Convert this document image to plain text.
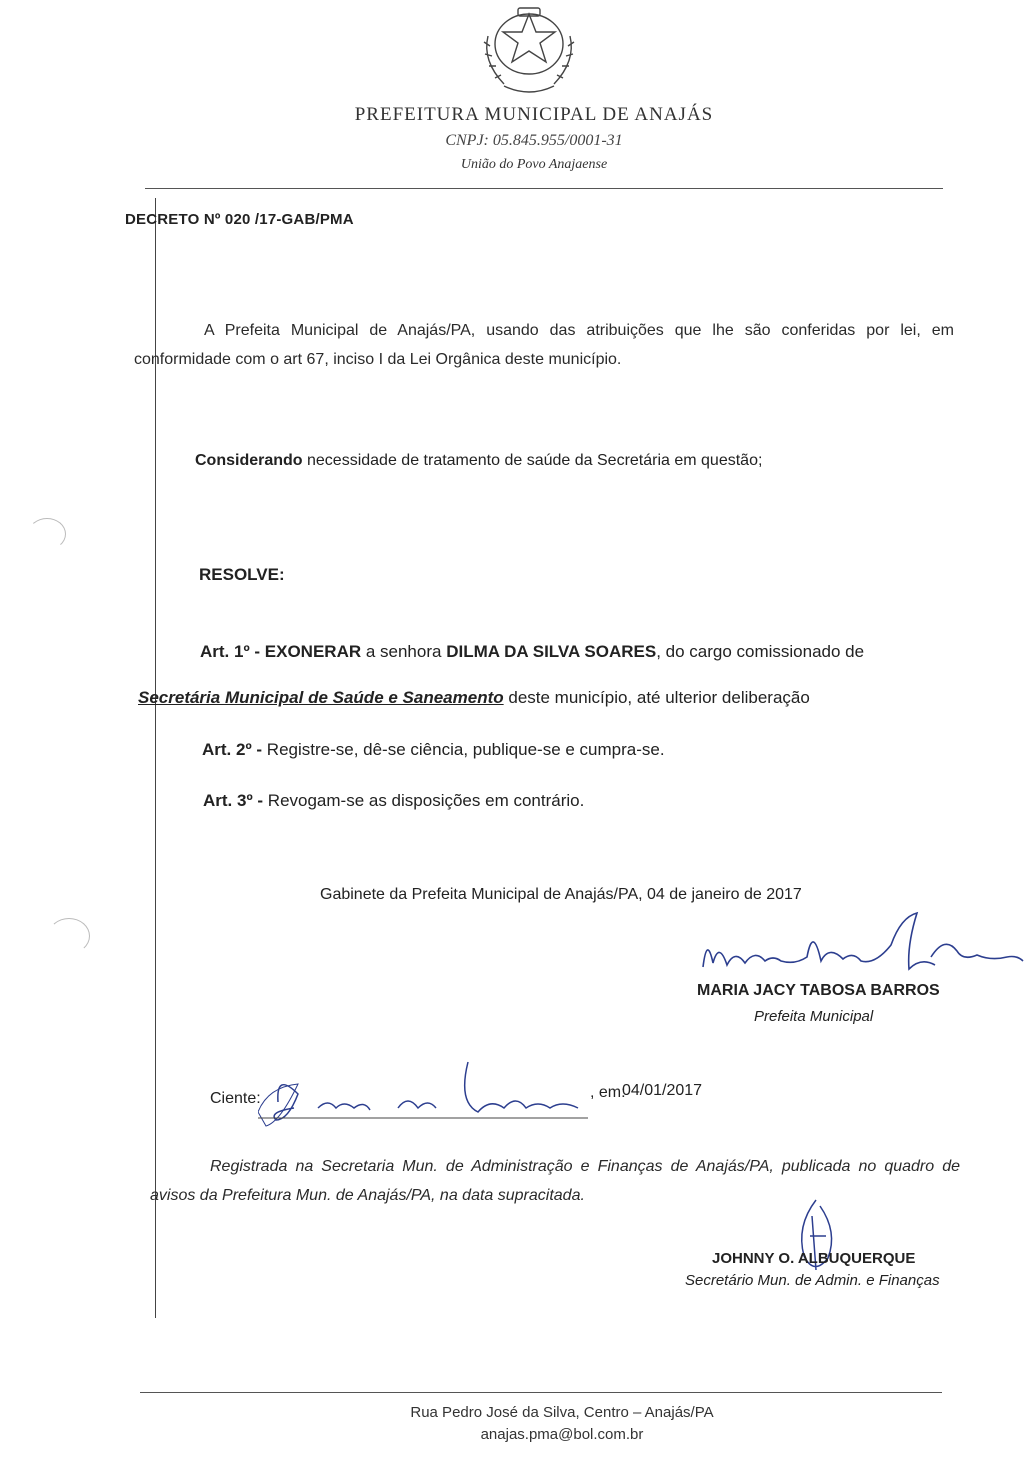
PREFEITURA MUNICIPAL DE ANAJÁS
CNPJ: 05.845.955/0001-31
União do Povo Anajaense
DECRETO Nº 020 /17-GAB/PMA
A Prefeita Municipal de Anajás/PA, usando das atribuições que lhe são conferidas por lei, em conformidade com o art 67, inciso I da Lei Orgânica deste município.
Considerando necessidade de tratamento de saúde da Secretária em questão;
RESOLVE:
Art. 1º - EXONERAR a senhora DILMA DA SILVA SOARES, do cargo comissionado de
Secretária Municipal de Saúde e Saneamento deste município, até ulterior deliberação
Art. 2º - Registre-se, dê-se ciência, publique-se e cumpra-se.
Art. 3º - Revogam-se as disposições em contrário.
Gabinete da Prefeita Municipal de Anajás/PA, 04 de janeiro de 2017
MARIA JACY TABOSA BARROS
Prefeita Municipal
Ciente:	, em:
04/01/2017
Registrada na Secretaria Mun. de Administração e Finanças de Anajás/PA, publicada no quadro de avisos da Prefeitura Mun. de Anajás/PA, na data supracitada.
JOHNNY O. ALBUQUERQUE
Secretário Mun. de Admin. e Finanças
Rua Pedro José da Silva, Centro – Anajás/PA
anajas.pma@bol.com.br
